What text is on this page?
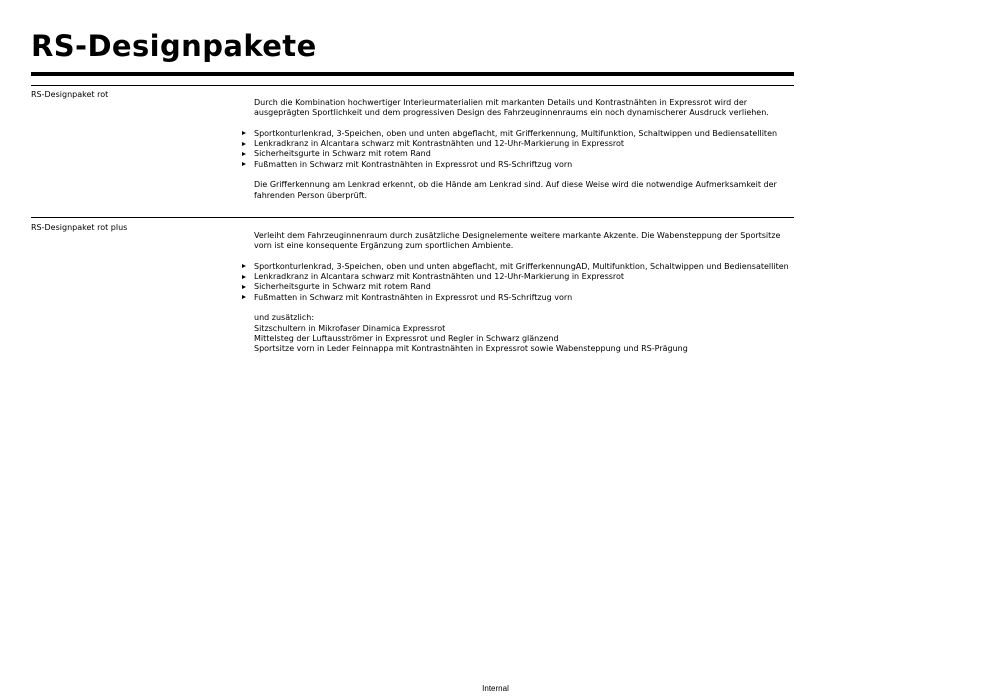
RS-Designpakete
RS-Designpaket rot

Durch die Kombination hochwertiger Interieurmaterialien mit markanten Details und Kontrastnähten in Expressrot wird der ausgeprägten Sportlichkeit und dem progressiven Design des Fahrzeuginnenraums ein noch dynamischerer Ausdruck verliehen.

Sportkonturlenkrad, 3-Speichen, oben und unten abgeflacht, mit Grifferkennung, Multifunktion, Schaltwippen und Bediensatelliten
Lenkradkranz in Alcantara schwarz mit Kontrastnähten und 12-Uhr-Markierung in Expressrot
Sicherheitsgurte in Schwarz mit rotem Rand
Fußmatten in Schwarz mit Kontrastnähten in Expressrot und RS-Schriftzug vorn

Die Grifferkennung am Lenkrad erkennt, ob die Hände am Lenkrad sind. Auf diese Weise wird die notwendige Aufmerksamkeit der fahrenden Person überprüft.

RS-Designpaket rot plus

Verleiht dem Fahrzeuginnenraum durch zusätzliche Designelemente weitere markante Akzente. Die Wabensteppung der Sportsitze vorn ist eine konsequente Ergänzung zum sportlichen Ambiente.

Sportkonturlenkrad, 3-Speichen, oben und unten abgeflacht, mit GrifferkennungAD, Multifunktion, Schaltwippen und Bediensatelliten
Lenkradkranz in Alcantara schwarz mit Kontrastnähten und 12-Uhr-Markierung in Expressrot
Sicherheitsgurte in Schwarz mit rotem Rand
Fußmatten in Schwarz mit Kontrastnähten in Expressrot und RS-Schriftzug vorn

und zusätzlich:

Sitzschultern in Mikrofaser Dinamica Expressrot

Mittelsteg der Luftausströmer in Expressrot und Regler in Schwarz glänzend

Sportsitze vorn in Leder Feinnappa mit Kontrastnähten in Expressrot sowie Wabensteppung und RS-Prägung

Internal
